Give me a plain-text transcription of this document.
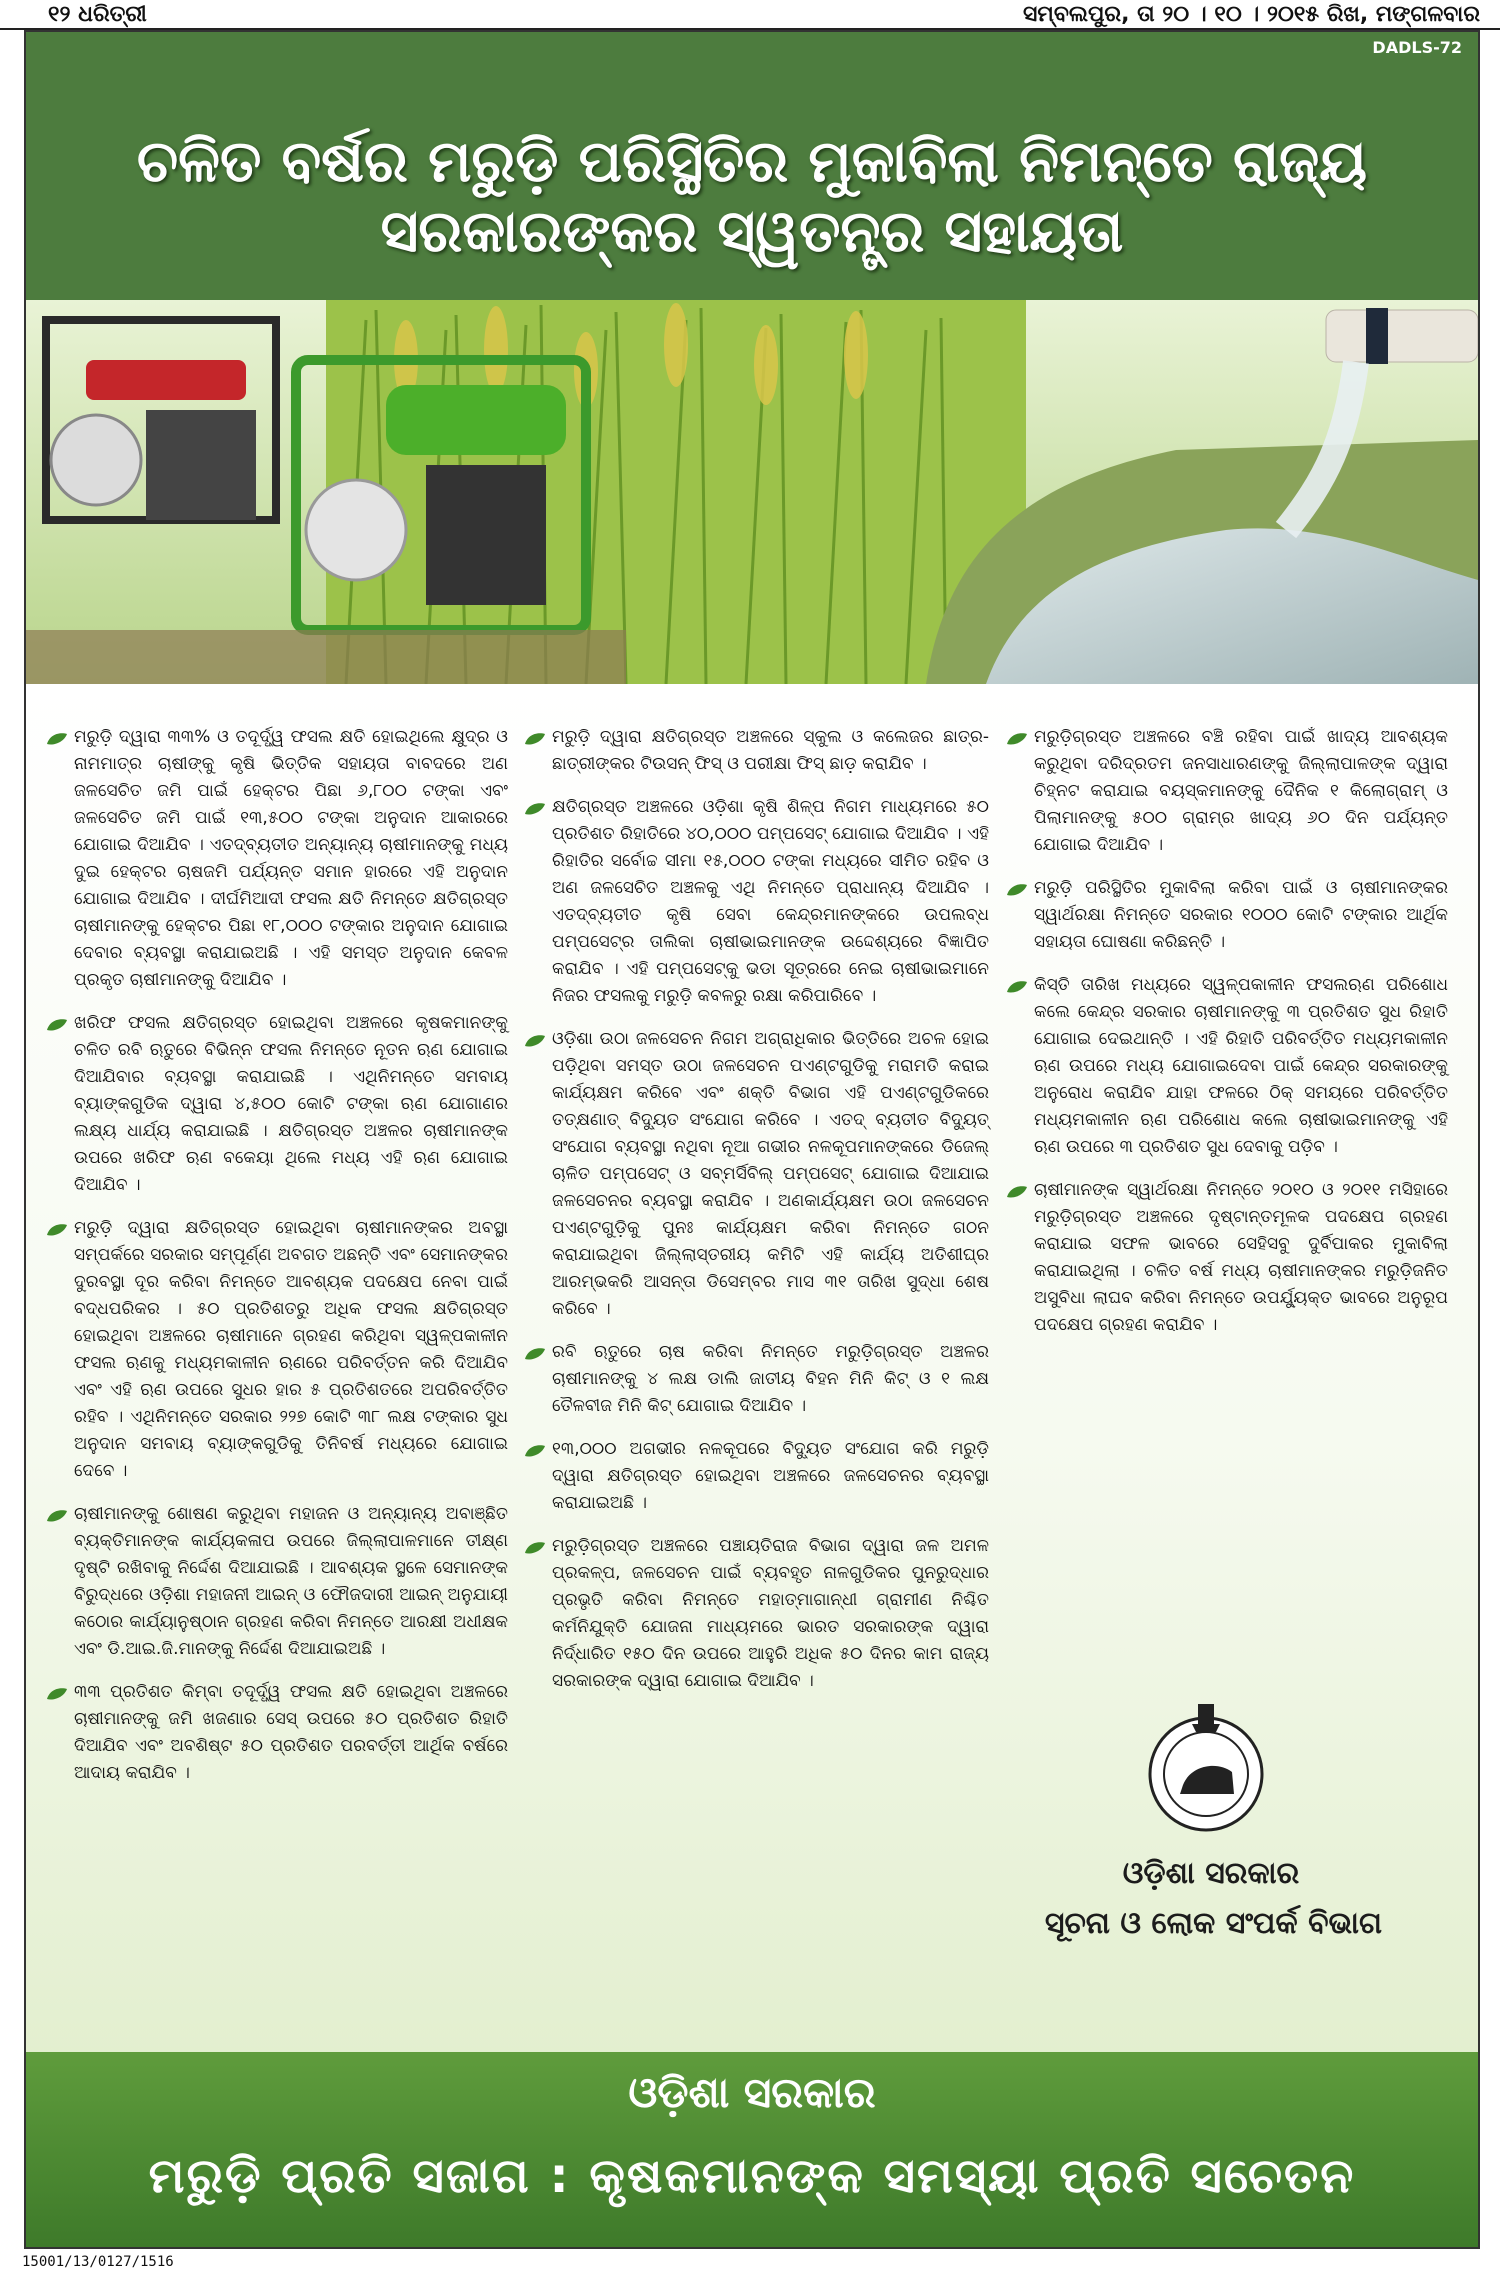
୧୨ ଧରିତ୍ରୀ	ସମ୍ବଲପୁର, ତା ୨୦ । ୧୦ । ୨୦୧୫ ରିଖ, ମଙ୍ଗଳବାର
DADLS-72
ଚଳିତ ବର୍ଷର ମରୁଡ଼ି ପରିସ୍ଥିତିର ମୁକାବିଲା ନିମନ୍ତେ ରାଜ୍ୟ ସରକାରଙ୍କର ସ୍ୱତନ୍ତ୍ର ସହାୟତା
ମରୁଡ଼ି ଦ୍ୱାରା ୩୩% ଓ ତଦୂର୍ଦ୍ଧ୍ୱ ଫସଲ କ୍ଷତି ହୋଇଥିଲେ କ୍ଷୁଦ୍ର ଓ ନାମମାତ୍ର ଚାଷୀଙ୍କୁ କୃଷି ଭିତ୍ତିକ ସହାୟତା ବାବଦରେ ଅଣ ଜଳସେଚିତ ଜମି ପାଇଁ ହେକ୍ଟର ପିଛା ୬,୮୦୦ ଟଙ୍କା ଏବଂ ଜଳସେଚିତ ଜମି ପାଇଁ ୧୩,୫୦୦ ଟଙ୍କା ଅନୁଦାନ ଆକାରରେ ଯୋଗାଇ ଦିଆଯିବ । ଏତଦ୍‌ବ୍ୟତୀତ ଅନ୍ୟାନ୍ୟ ଚାଷୀମାନଙ୍କୁ ମଧ୍ୟ ଦୁଇ ହେକ୍ଟର ଚାଷଜମି ପର୍ଯ୍ୟନ୍ତ ସମାନ ହାରରେ ଏହି ଅନୁଦାନ ଯୋଗାଇ ଦିଆଯିବ । ଦୀର୍ଘମିଆଦୀ ଫସଲ କ୍ଷତି ନିମନ୍ତେ କ୍ଷତିଗ୍ରସ୍ତ ଚାଷୀମାନଙ୍କୁ ହେକ୍ଟର ପିଛା ୧୮,୦୦୦ ଟଙ୍କାର ଅନୁଦାନ ଯୋଗାଇ ଦେବାର ବ୍ୟବସ୍ଥା କରାଯାଇଅଛି । ଏହି ସମସ୍ତ ଅନୁଦାନ କେବଳ ପ୍ରକୃତ ଚାଷୀମାନଙ୍କୁ ଦିଆଯିବ ।
ଖରିଫ ଫସଲ କ୍ଷତିଗ୍ରସ୍ତ ହୋଇଥିବା ଅଞ୍ଚଳରେ କୃଷକମାନଙ୍କୁ ଚଳିତ ରବି ଋତୁରେ ବିଭିନ୍ନ ଫସଲ ନିମନ୍ତେ ନୂତନ ଋଣ ଯୋଗାଇ ଦିଆଯିବାର ବ୍ୟବସ୍ଥା କରାଯାଇଛି । ଏଥିନିମନ୍ତେ ସମବାୟ ବ୍ୟାଙ୍କଗୁଡିକ ଦ୍ୱାରା ୪,୫୦୦ କୋଟି ଟଙ୍କା ଋଣ ଯୋଗାଣର ଲକ୍ଷ୍ୟ ଧାର୍ଯ୍ୟ କରାଯାଇଛି । କ୍ଷତିଗ୍ରସ୍ତ ଅଞ୍ଚଳର ଚାଷୀମାନଙ୍କ ଉପରେ ଖରିଫ ଋଣ ବକେୟା ଥିଲେ ମଧ୍ୟ ଏହି ଋଣ ଯୋଗାଇ ଦିଆଯିବ ।
ମରୁଡ଼ି ଦ୍ୱାରା କ୍ଷତିଗ୍ରସ୍ତ ହୋଇଥିବା ଚାଷୀମାନଙ୍କର ଅବସ୍ଥା ସମ୍ପର୍କରେ ସରକାର ସମ୍ପୂର୍ଣ୍ଣ ଅବଗତ ଅଛନ୍ତି ଏବଂ ସେମାନଙ୍କର ଦୁରବସ୍ଥା ଦୂର କରିବା ନିମନ୍ତେ ଆବଶ୍ୟକ ପଦକ୍ଷେପ ନେବା ପାଇଁ ବଦ୍ଧପରିକର । ୫୦ ପ୍ରତିଶତରୁ ଅଧିକ ଫସଲ କ୍ଷତିଗ୍ରସ୍ତ ହୋଇଥିବା ଅଞ୍ଚଳରେ ଚାଷୀମାନେ ଗ୍ରହଣ କରିଥିବା ସ୍ୱଳ୍ପକାଳୀନ ଫସଲ ଋଣକୁ ମଧ୍ୟମକାଳୀନ ଋଣରେ ପରିବର୍ତ୍ତନ କରି ଦିଆଯିବ ଏବଂ ଏହି ଋଣ ଉପରେ ସୁଧର ହାର ୫ ପ୍ରତିଶତରେ ଅପରିବର୍ତ୍ତିତ ରହିବ । ଏଥିନିମନ୍ତେ ସରକାର ୨୨୭ କୋଟି ୩୮ ଲକ୍ଷ ଟଙ୍କାର ସୁଧ ଅନୁଦାନ ସମବାୟ ବ୍ୟାଙ୍କଗୁଡିକୁ ତିନିବର୍ଷ ମଧ୍ୟରେ ଯୋଗାଇ ଦେବେ ।
ଚାଷୀମାନଙ୍କୁ ଶୋଷଣ କରୁଥିବା ମହାଜନ ଓ ଅନ୍ୟାନ୍ୟ ଅବାଞ୍ଛିତ ବ୍ୟକ୍ତିମାନଙ୍କ କାର୍ଯ୍ୟକଳାପ ଉପରେ ଜିଲ୍ଲାପାଳମାନେ ତୀକ୍ଷ୍ଣ ଦୃଷ୍ଟି ରଖିବାକୁ ନିର୍ଦ୍ଦେଶ ଦିଆଯାଇଛି । ଆବଶ୍ୟକ ସ୍ଥଳେ ସେମାନଙ୍କ ବିରୁଦ୍ଧରେ ଓଡ଼ିଶା ମହାଜନୀ ଆଇନ୍ ଓ ଫୌଜଦାରୀ ଆଇନ୍ ଅନୁଯାୟୀ କଠୋର କାର୍ଯ୍ୟାନୁଷ୍ଠାନ ଗ୍ରହଣ କରିବା ନିମନ୍ତେ ଆରକ୍ଷୀ ଅଧୀକ୍ଷକ ଏବଂ ଡି.ଆଇ.ଜି.ମାନଙ୍କୁ ନିର୍ଦ୍ଦେଶ ଦିଆଯାଇଅଛି ।
୩୩ ପ୍ରତିଶତ କିମ୍ବା ତଦୂର୍ଦ୍ଧ୍ୱ ଫସଲ କ୍ଷତି ହୋଇଥିବା ଅଞ୍ଚଳରେ ଚାଷୀମାନଙ୍କୁ ଜମି ଖଜଣାର ସେସ୍ ଉପରେ ୫୦ ପ୍ରତିଶତ ରିହାତି ଦିଆଯିବ ଏବଂ ଅବଶିଷ୍ଟ ୫୦ ପ୍ରତିଶତ ପରବର୍ତ୍ତୀ ଆର୍ଥିକ ବର୍ଷରେ ଆଦାୟ କରାଯିବ ।
ମରୁଡ଼ି ଦ୍ୱାରା କ୍ଷତିଗ୍ରସ୍ତ ଅଞ୍ଚଳରେ ସ୍କୁଲ ଓ କଲେଜର ଛାତ୍ର-ଛାତ୍ରୀଙ୍କର ଟିଉସନ୍ ଫିସ୍ ଓ ପରୀକ୍ଷା ଫିସ୍ ଛାଡ଼ କରାଯିବ ।
କ୍ଷତିଗ୍ରସ୍ତ ଅଞ୍ଚଳରେ ଓଡ଼ିଶା କୃଷି ଶିଳ୍ପ ନିଗମ ମାଧ୍ୟମରେ ୫୦ ପ୍ରତିଶତ ରିହାତିରେ ୪୦,୦୦୦ ପମ୍ପସେଟ୍ ଯୋଗାଇ ଦିଆଯିବ । ଏହି ରିହାତିର ସର୍ବୋଚ୍ଚ ସୀମା ୧୫,୦୦୦ ଟଙ୍କା ମଧ୍ୟରେ ସୀମିତ ରହିବ ଓ ଅଣ ଜଳସେଚିତ ଅଞ୍ଚଳକୁ ଏଥି ନିମନ୍ତେ ପ୍ରାଧାନ୍ୟ ଦିଆଯିବ । ଏତଦ୍‌ବ୍ୟତୀତ କୃଷି ସେବା କେନ୍ଦ୍ରମାନଙ୍କରେ ଉପଲବ୍ଧ ପମ୍ପସେଟ୍‌ର ତାଲିକା ଚାଷୀଭାଇମାନଙ୍କ ଉଦ୍ଦେଶ୍ୟରେ ବିଜ୍ଞାପିତ କରାଯିବ । ଏହି ପମ୍ପସେଟ୍‌କୁ ଭଡା ସୂତ୍ରରେ ନେଇ ଚାଷୀଭାଇମାନେ ନିଜର ଫସଲକୁ ମରୁଡ଼ି କବଳରୁ ରକ୍ଷା କରିପାରିବେ ।
ଓଡ଼ିଶା ଉଠା ଜଳସେଚନ ନିଗମ ଅଗ୍ରାଧିକାର ଭିତ୍ତିରେ ଅଚଳ ହୋଇ ପଡ଼ିଥିବା ସମସ୍ତ ଉଠା ଜଳସେଚନ ପଏଣ୍ଟଗୁଡିକୁ ମରାମତି କରାଇ କାର୍ଯ୍ୟକ୍ଷମ କରିବେ ଏବଂ ଶକ୍ତି ବିଭାଗ ଏହି ପଏଣ୍ଟଗୁଡିକରେ ତତ୍‌କ୍ଷଣାତ୍ ବିଦ୍ୟୁତ ସଂଯୋଗ କରିବେ । ଏତଦ୍ ବ୍ୟତୀତ ବିଦ୍ୟୁତ୍ ସଂଯୋଗ ବ୍ୟବସ୍ଥା ନଥିବା ନୂଆ ଗଭୀର ନଳକୂପମାନଙ୍କରେ ଡିଜେଲ୍ ଚାଳିତ ପମ୍ପସେଟ୍ ଓ ସବ୍‌ମର୍ସିବିଲ୍ ପମ୍ପସେଟ୍ ଯୋଗାଇ ଦିଆଯାଇ ଜଳସେଚନର ବ୍ୟବସ୍ଥା କରାଯିବ । ଅଣକାର୍ଯ୍ୟକ୍ଷମ ଉଠା ଜଳସେଚନ ପଏଣ୍ଟଗୁଡ଼ିକୁ ପୁନଃ କାର୍ଯ୍ୟକ୍ଷମ କରିବା ନିମନ୍ତେ ଗଠନ କରାଯାଇଥିବା ଜିଲ୍ଲାସ୍ତରୀୟ କମିଟି ଏହି କାର୍ଯ୍ୟ ଅତିଶୀଘ୍ର ଆରମ୍ଭକରି ଆସନ୍ତା ଡିସେମ୍ବର ମାସ ୩୧ ତାରିଖ ସୁଦ୍ଧା ଶେଷ କରିବେ ।
ରବି ଋତୁରେ ଚାଷ କରିବା ନିମନ୍ତେ ମରୁଡ଼ିଗ୍ରସ୍ତ ଅଞ୍ଚଳର ଚାଷୀମାନଙ୍କୁ ୪ ଲକ୍ଷ ଡାଲି ଜାତୀୟ ବିହନ ମିନି କିଟ୍ ଓ ୧ ଲକ୍ଷ ତୈଳବୀଜ ମିନି କିଟ୍ ଯୋଗାଇ ଦିଆଯିବ ।
୧୩,୦୦୦ ଅଗଭୀର ନଳକୂପରେ ବିଦ୍ୟୁତ ସଂଯୋଗ କରି ମରୁଡ଼ି ଦ୍ୱାରା କ୍ଷତିଗ୍ରସ୍ତ ହୋଇଥିବା ଅଞ୍ଚଳରେ ଜଳସେଚନର ବ୍ୟବସ୍ଥା କରାଯାଇଅଛି ।
ମରୁଡ଼ିଗ୍ରସ୍ତ ଅଞ୍ଚଳରେ ପଞ୍ଚାୟତିରାଜ ବିଭାଗ ଦ୍ୱାରା ଜଳ ଅମଳ ପ୍ରକଳ୍ପ, ଜଳସେଚନ ପାଇଁ ବ୍ୟବହୃତ ନାଳଗୁଡିକର ପୁନରୁଦ୍ଧାର ପ୍ରଭୃତି କରିବା ନିମନ୍ତେ ମହାତ୍ମାଗାନ୍ଧୀ ଗ୍ରାମୀଣ ନିଶ୍ଚିତ କର୍ମନିଯୁକ୍ତି ଯୋଜନା ମାଧ୍ୟମରେ ଭାରତ ସରକାରଙ୍କ ଦ୍ୱାରା ନିର୍ଦ୍ଧାରିତ ୧୫୦ ଦିନ ଉପରେ ଆହୁରି ଅଧିକ ୫୦ ଦିନର କାମ ରାଜ୍ୟ ସରକାରଙ୍କ ଦ୍ୱାରା ଯୋଗାଇ ଦିଆଯିବ ।
ମରୁଡ଼ିଗ୍ରସ୍ତ ଅଞ୍ଚଳରେ ବଞ୍ଚି ରହିବା ପାଇଁ ଖାଦ୍ୟ ଆବଶ୍ୟକ କରୁଥିବା ଦରିଦ୍ରତମ ଜନସାଧାରଣଙ୍କୁ ଜିଲ୍ଲାପାଳଙ୍କ ଦ୍ୱାରା ଚିହ୍ନଟ କରାଯାଇ ବୟସ୍କମାନଙ୍କୁ ଦୈନିକ ୧ କିଲୋଗ୍ରାମ୍ ଓ ପିଲାମାନଙ୍କୁ ୫୦୦ ଗ୍ରାମ୍‌ର ଖାଦ୍ୟ ୬୦ ଦିନ ପର୍ଯ୍ୟନ୍ତ ଯୋଗାଇ ଦିଆଯିବ ।
ମରୁଡ଼ି ପରିସ୍ଥିତିର ମୁକାବିଲା କରିବା ପାଇଁ ଓ ଚାଷୀମାନଙ୍କର ସ୍ୱାର୍ଥରକ୍ଷା ନିମନ୍ତେ ସରକାର ୧୦୦୦ କୋଟି ଟଙ୍କାର ଆର୍ଥିକ ସହାୟତା ଘୋଷଣା କରିଛନ୍ତି ।
କିସ୍ତି ତାରିଖ ମଧ୍ୟରେ ସ୍ୱଳ୍ପକାଳୀନ ଫସଲଋଣ ପରିଶୋଧ କଲେ କେନ୍ଦ୍ର ସରକାର ଚାଷୀମାନଙ୍କୁ ୩ ପ୍ରତିଶତ ସୁଧ ରିହାତି ଯୋଗାଇ ଦେଇଥାନ୍ତି । ଏହି ରିହାତି ପରିବର୍ତ୍ତିତ ମଧ୍ୟମକାଳୀନ ଋଣ ଉପରେ ମଧ୍ୟ ଯୋଗାଇଦେବା ପାଇଁ କେନ୍ଦ୍ର ସରକାରଙ୍କୁ ଅନୁରୋଧ କରାଯିବ ଯାହା ଫଳରେ ଠିକ୍ ସମୟରେ ପରିବର୍ତ୍ତିତ ମଧ୍ୟମକାଳୀନ ଋଣ ପରିଶୋଧ କଲେ ଚାଷୀଭାଇମାନଙ୍କୁ ଏହି ଋଣ ଉପରେ ୩ ପ୍ରତିଶତ ସୁଧ ଦେବାକୁ ପଡ଼ିବ ।
ଚାଷୀମାନଙ୍କ ସ୍ୱାର୍ଥରକ୍ଷା ନିମନ୍ତେ ୨୦୧୦ ଓ ୨୦୧୧ ମସିହାରେ ମରୁଡ଼ିଗ୍ରସ୍ତ ଅଞ୍ଚଳରେ ଦୃଷ୍ଟାନ୍ତମୂଳକ ପଦକ୍ଷେପ ଗ୍ରହଣ କରାଯାଇ ସଫଳ ଭାବରେ ସେହିସବୁ ଦୁର୍ବିପାକର ମୁକାବିଲା କରାଯାଇଥିଲା । ଚଳିତ ବର୍ଷ ମଧ୍ୟ ଚାଷୀମାନଙ୍କର ମରୁଡ଼ିଜନିତ ଅସୁବିଧା ଲାଘବ କରିବା ନିମନ୍ତେ ଉପର୍ଯ୍ୟୁକ୍ତ ଭାବରେ ଅନୁରୂପ ପଦକ୍ଷେପ ଗ୍ରହଣ କରାଯିବ ।
ଓଡ଼ିଶା ସରକାର
ସୂଚନା ଓ ଲୋକ ସଂପର୍କ ବିଭାଗ
ଓଡ଼ିଶା ସରକାର
ମରୁଡ଼ି ପ୍ରତି ସଜାଗ : କୃଷକମାନଙ୍କ ସମସ୍ୟା ପ୍ରତି ସଚେତନ
15001/13/0127/1516
